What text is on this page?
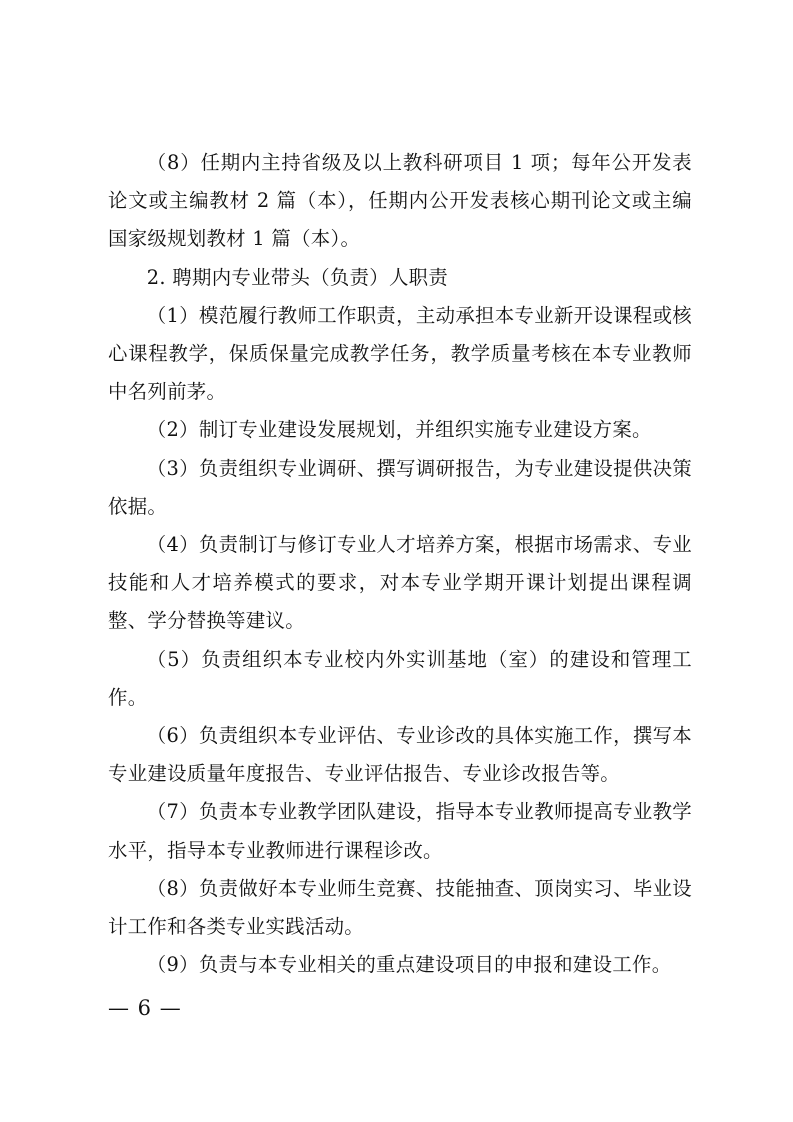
（8）任期内主持省级及以上教科研项目 1 项；每年公开发表论文或主编教材 2 篇（本），任期内公开发表核心期刊论文或主编国家级规划教材 1 篇（本）。

2. 聘期内专业带头（负责）人职责

（1）模范履行教师工作职责，主动承担本专业新开设课程或核心课程教学，保质保量完成教学任务，教学质量考核在本专业教师中名列前茅。

（2）制订专业建设发展规划，并组织实施专业建设方案。

（3）负责组织专业调研、撰写调研报告，为专业建设提供决策依据。

（4）负责制订与修订专业人才培养方案，根据市场需求、专业技能和人才培养模式的要求，对本专业学期开课计划提出课程调整、学分替换等建议。

（5）负责组织本专业校内外实训基地（室）的建设和管理工作。

（6）负责组织本专业评估、专业诊改的具体实施工作，撰写本专业建设质量年度报告、专业评估报告、专业诊改报告等。

（7）负责本专业教学团队建设，指导本专业教师提高专业教学水平，指导本专业教师进行课程诊改。

（8）负责做好本专业师生竞赛、技能抽查、顶岗实习、毕业设计工作和各类专业实践活动。

（9）负责与本专业相关的重点建设项目的申报和建设工作。

— 6 —
